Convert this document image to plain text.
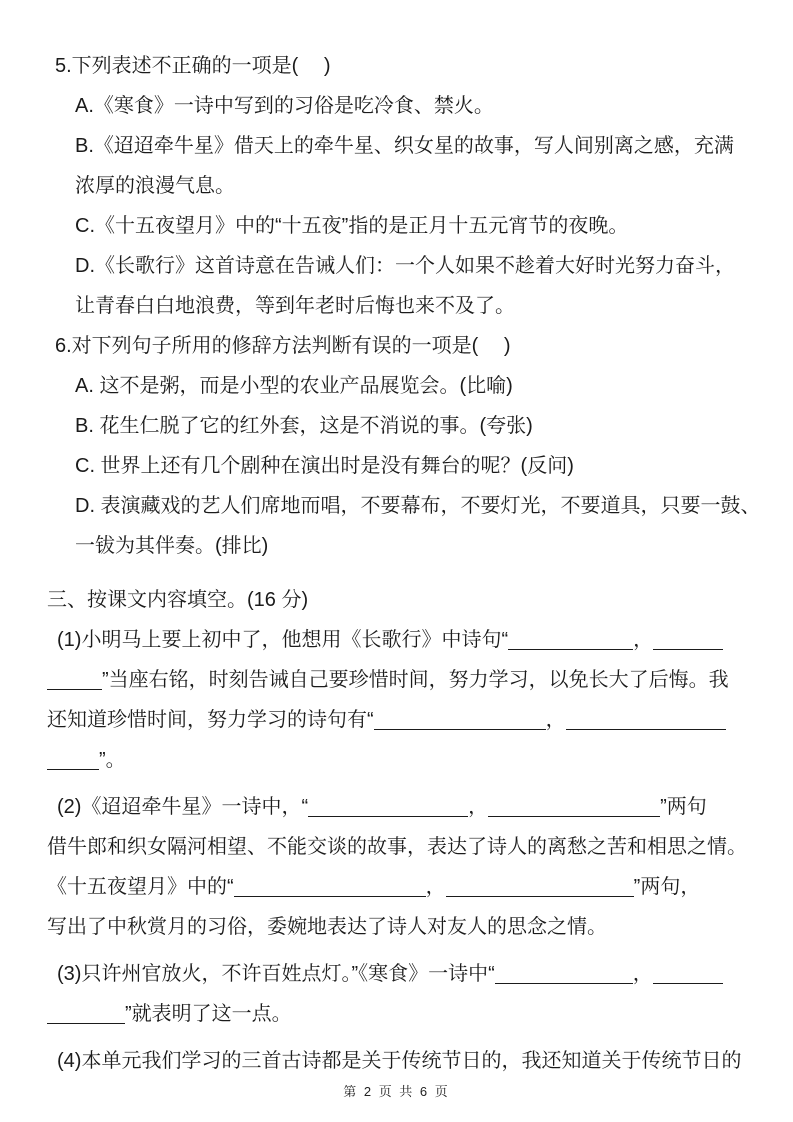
5.下列表述不正确的一项是(　 )
A.《寒食》一诗中写到的习俗是吃冷食、禁火。
B.《迢迢牵牛星》借天上的牵牛星、织女星的故事，写人间别离之感，充满
浓厚的浪漫气息。
C.《十五夜望月》中的“十五夜”指的是正月十五元宵节的夜晚。
D.《长歌行》这首诗意在告诫人们：一个人如果不趁着大好时光努力奋斗，
让青春白白地浪费，等到年老时后悔也来不及了。
6.对下列句子所用的修辞方法判断有误的一项是(　 )
A. 这不是粥，而是小型的农业产品展览会。(比喻)
B. 花生仁脱了它的红外套，这是不消说的事。(夸张)
C. 世界上还有几个剧种在演出时是没有舞台的呢？(反问)
D. 表演藏戏的艺人们席地而唱，不要幕布，不要灯光，不要道具，只要一鼓、
一钹为其伴奏。(排比)
三、按课文内容填空。(16 分)
(1)小明马上要上初中了，他想用《长歌行》中诗句“	，
”当座右铭，时刻告诫自己要珍惜时间，努力学习，以免长大了后悔。我
还知道珍惜时间，努力学习的诗句有“	，
”。
(2)《迢迢牵牛星》一诗中，“	，	”两句
借牛郎和织女隔河相望、不能交谈的故事，表达了诗人的离愁之苦和相思之情。
《十五夜望月》中的“	，	”两句，
写出了中秋赏月的习俗，委婉地表达了诗人对友人的思念之情。
(3)只许州官放火，不许百姓点灯。”《寒食》一诗中“	，
”就表明了这一点。
(4)本单元我们学习的三首古诗都是关于传统节日的，我还知道关于传统节日的
第 2 页 共 6 页
